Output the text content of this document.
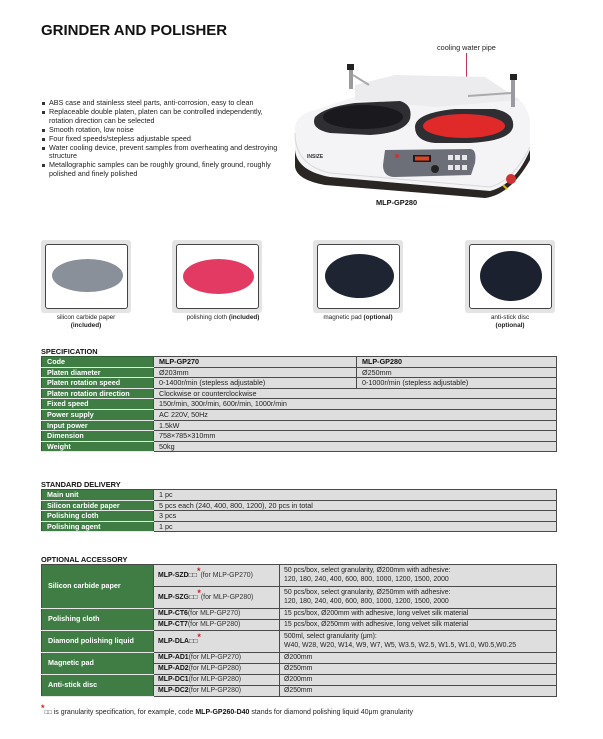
GRINDER AND POLISHER
ABS case and stainless steel parts, anti-corrosion, easy to clean
Replaceable double platen, platen can be controlled independently, rotation direction can be selected
Smooth rotation, low noise
Four fixed speeds/stepless adjustable speed
Water cooling device, prevent samples from overheating and destroying structure
Metallographic samples can be roughly ground, finely ground, roughly polished and finely polished
cooling water pipe
INSIZE
MLP-GP280
silicon carbide paper
(included)
polishing cloth (included)	magnetic pad (optional)	anti-stick disc
(optional)
SPECIFICATION
Code	MLP-GP270	MLP-GP280
Platen diameter	Ø203mm	Ø250mm
Platen rotation speed	0-1400r/min (stepless adjustable)	0-1000r/min (stepless adjustable)
Platen rotation direction	Clockwise or counterclockwise	
Fixed speed	150r/min, 300r/min, 600r/min, 1000r/min	
Power supply	AC 220V, 50Hz	
Input power	1.5kW	
Dimension	758×785×310mm	
Weight	50kg	
STANDARD DELIVERY
Main unit	1 pc
Silicon carbide paper	5 pcs each (240, 400, 800, 1200), 20 pcs in total
Polishing cloth	3 pcs
Polishing agent	1 pc
OPTIONAL ACCESSORY
Silicon carbide paper	MLP-SZD□□*(for MLP-GP270)	50 pcs/box, select granularity, Ø200mm with adhesive:
120, 180, 240, 400, 600, 800, 1000, 1200, 1500, 2000
	MLP-SZG□□*(for MLP-GP280)	50 pcs/box, select granularity, Ø250mm with adhesive:
120, 180, 240, 400, 600, 800, 1000, 1200, 1500, 2000
Polishing cloth	MLP-CT6(for MLP-GP270)	15 pcs/box, Ø200mm with adhesive, long velvet silk material
	MLP-CT7(for MLP-GP280)	15 pcs/box, Ø250mm with adhesive, long velvet silk material
Diamond polishing liquid	MLP-DLA□□*	500ml, select granularity (μm):
W40, W28, W20, W14, W9, W7, W5, W3.5, W2.5, W1.5, W1.0, W0.5,W0.25
Magnetic pad	MLP-AD1(for MLP-GP270)	Ø200mm
	MLP-AD2(for MLP-GP280)	Ø250mm
Anti-stick disc	MLP-DC1(for MLP-GP280)	Ø200mm
	MLP-DC2(for MLP-GP280)	Ø250mm
*□□ is granularity specification, for example, code MLP-GP260-D40 stands for diamond polishing liquid 40μm granularity
